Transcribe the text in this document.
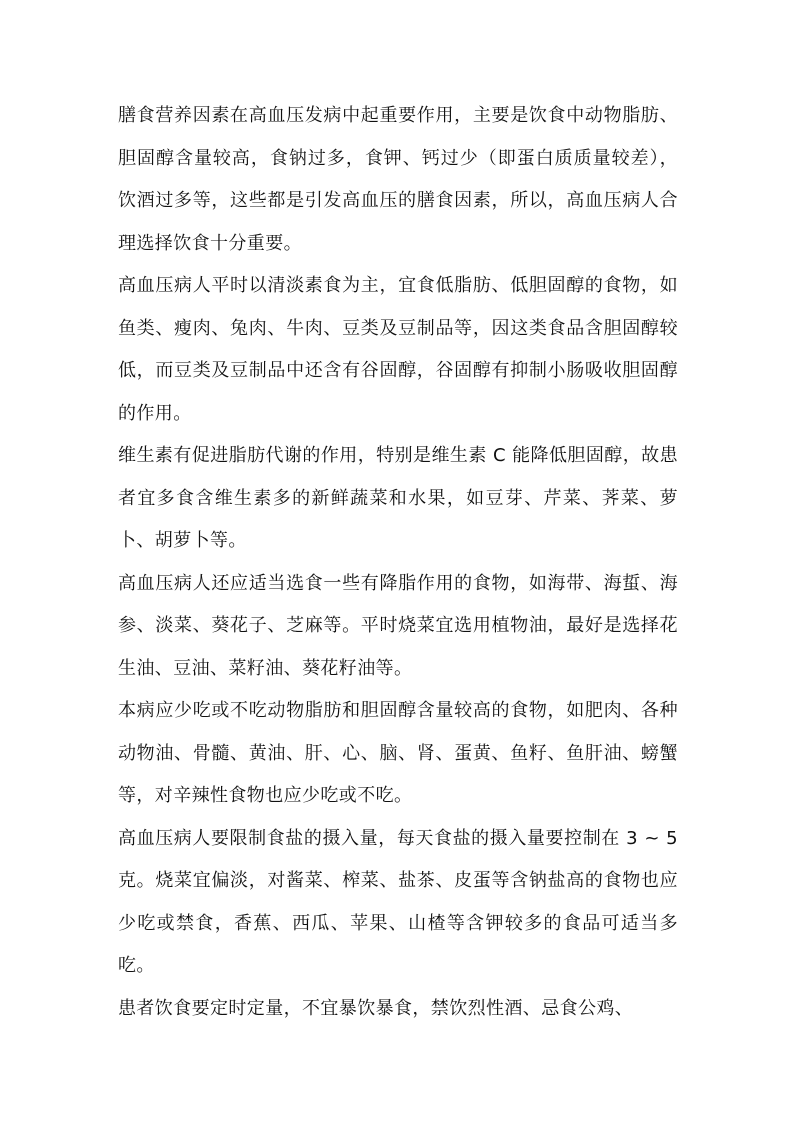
膳食营养因素在高血压发病中起重要作用，主要是饮食中动物脂肪、胆固醇含量较高，食钠过多，食钾、钙过少（即蛋白质质量较差），饮酒过多等，这些都是引发高血压的膳食因素，所以，高血压病人合理选择饮食十分重要。

高血压病人平时以清淡素食为主，宜食低脂肪、低胆固醇的食物，如鱼类、瘦肉、兔肉、牛肉、豆类及豆制品等，因这类食品含胆固醇较低，而豆类及豆制品中还含有谷固醇，谷固醇有抑制小肠吸收胆固醇的作用。

维生素有促进脂肪代谢的作用，特别是维生素 C 能降低胆固醇，故患者宜多食含维生素多的新鲜蔬菜和水果，如豆芽、芹菜、荠菜、萝卜、胡萝卜等。

高血压病人还应适当选食一些有降脂作用的食物，如海带、海蜇、海参、淡菜、葵花子、芝麻等。平时烧菜宜选用植物油，最好是选择花生油、豆油、菜籽油、葵花籽油等。

本病应少吃或不吃动物脂肪和胆固醇含量较高的食物，如肥肉、各种动物油、骨髓、黄油、肝、心、脑、肾、蛋黄、鱼籽、鱼肝油、螃蟹等，对辛辣性食物也应少吃或不吃。

高血压病人要限制食盐的摄入量，每天食盐的摄入量要控制在 3 ~ 5 克。烧菜宜偏淡，对酱菜、榨菜、盐茶、皮蛋等含钠盐高的食物也应少吃或禁食，香蕉、西瓜、苹果、山楂等含钾较多的食品可适当多吃。

患者饮食要定时定量，不宜暴饮暴食，禁饮烈性酒、忌食公鸡、
